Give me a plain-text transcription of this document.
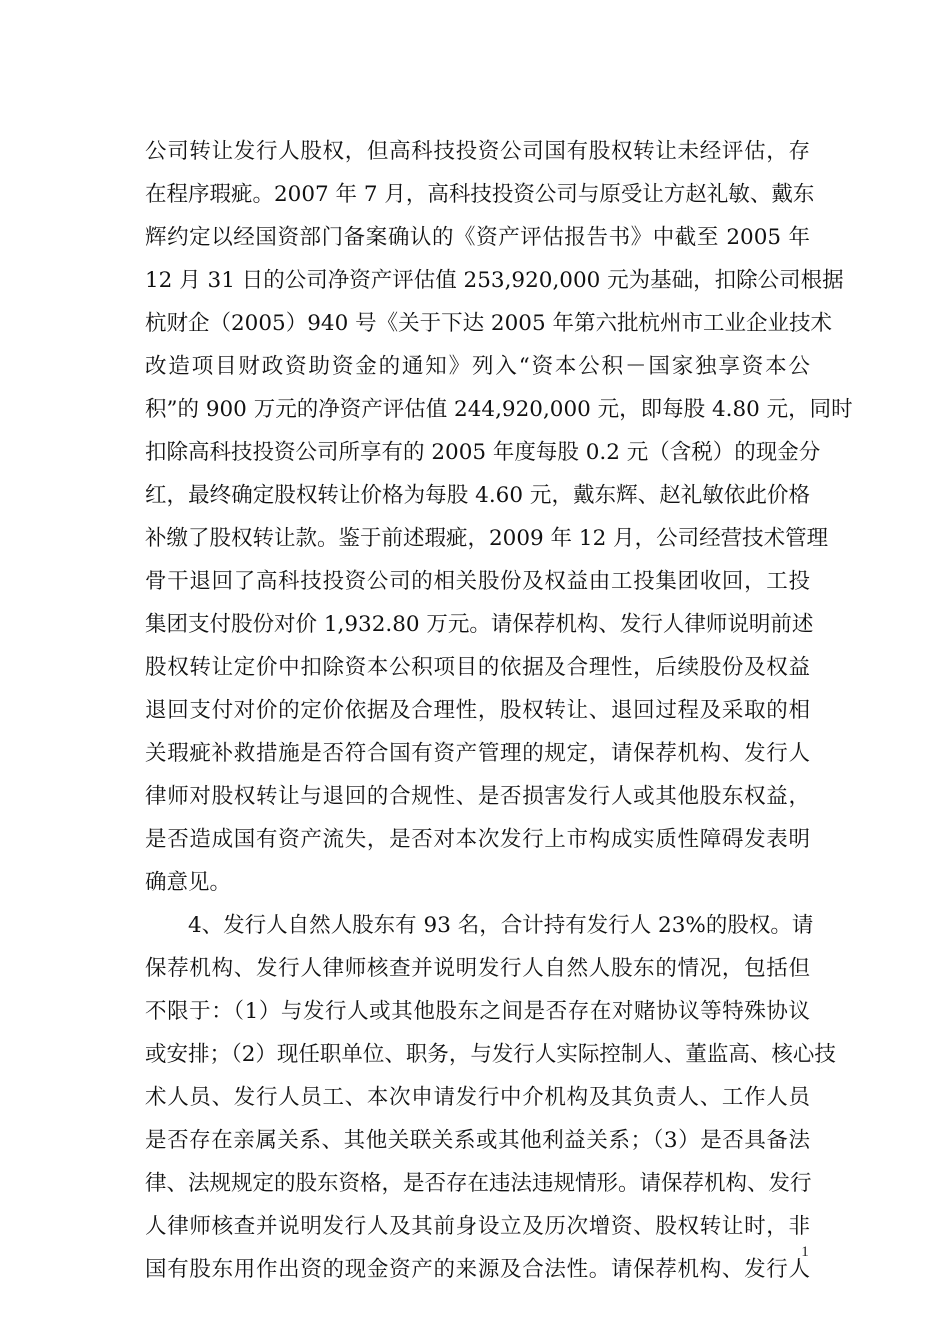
公司转让发行人股权，但高科技投资公司国有股权转让未经评估，存
在程序瑕疵。2007 年 7 月，高科技投资公司与原受让方赵礼敏、戴东
辉约定以经国资部门备案确认的《资产评估报告书》中截至 2005 年
12 月 31 日的公司净资产评估值 253,920,000 元为基础，扣除公司根据
杭财企（2005）940 号《关于下达 2005 年第六批杭州市工业企业技术
改造项目财政资助资金的通知》列入“资本公积－国家独享资本公
积”的 900 万元的净资产评估值 244,920,000 元，即每股 4.80 元，同时
扣除高科技投资公司所享有的 2005 年度每股 0.2 元（含税）的现金分
红，最终确定股权转让价格为每股 4.60 元，戴东辉、赵礼敏依此价格
补缴了股权转让款。鉴于前述瑕疵，2009 年 12 月，公司经营技术管理
骨干退回了高科技投资公司的相关股份及权益由工投集团收回，工投
集团支付股份对价 1,932.80 万元。请保荐机构、发行人律师说明前述
股权转让定价中扣除资本公积项目的依据及合理性，后续股份及权益
退回支付对价的定价依据及合理性，股权转让、退回过程及采取的相
关瑕疵补救措施是否符合国有资产管理的规定，请保荐机构、发行人
律师对股权转让与退回的合规性、是否损害发行人或其他股东权益，
是否造成国有资产流失，是否对本次发行上市构成实质性障碍发表明
确意见。
4、发行人自然人股东有 93 名，合计持有发行人 23%的股权。请
保荐机构、发行人律师核查并说明发行人自然人股东的情况，包括但
不限于：（1）与发行人或其他股东之间是否存在对赌协议等特殊协议
或安排；（2）现任职单位、职务，与发行人实际控制人、董监高、核心技
术人员、发行人员工、本次申请发行中介机构及其负责人、工作人员
是否存在亲属关系、其他关联关系或其他利益关系；（3）是否具备法
律、法规规定的股东资格，是否存在违法违规情形。请保荐机构、发行
人律师核查并说明发行人及其前身设立及历次增资、股权转让时，非
国有股东用作出资的现金资产的来源及合法性。请保荐机构、发行人
1
